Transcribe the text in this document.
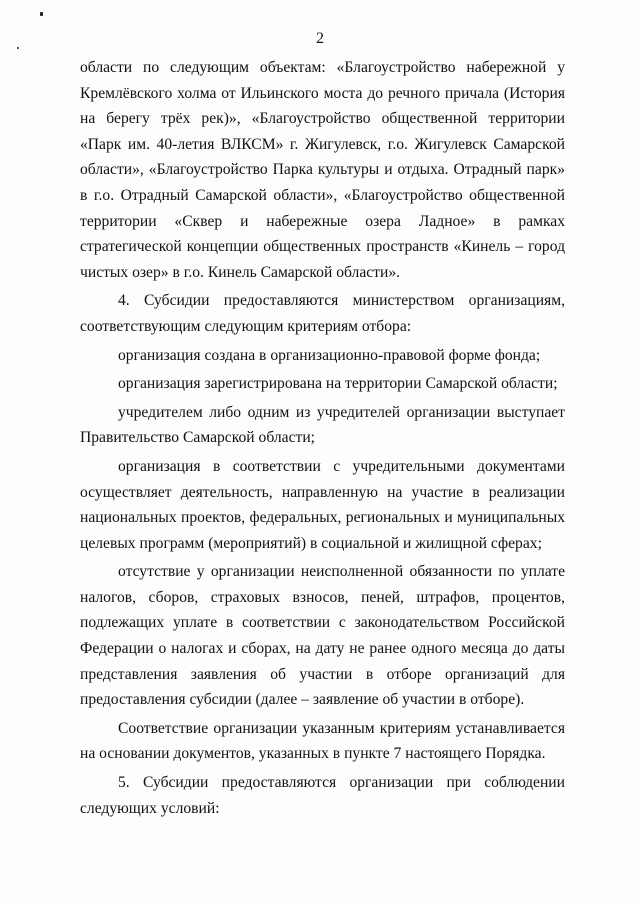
2

области по следующим объектам: «Благоустройство набережной у Кремлёвского холма от Ильинского моста до речного причала (История на берегу трёх рек)», «Благоустройство общественной территории «Парк им. 40-летия ВЛКСМ» г. Жигулевск, г.о. Жигулевск Самарской области», «Благоустройство Парка культуры и отдыха. Отрадный парк» в г.о. Отрадный Самарской области», «Благоустройство общественной территории «Сквер и набережные озера Ладное» в рамках стратегической концепции общественных пространств «Кинель – город чистых озер» в г.о. Кинель Самарской области».

4. Субсидии предоставляются министерством организациям, соответствующим следующим критериям отбора:

организация создана в организационно-правовой форме фонда;

организация зарегистрирована на территории Самарской области;

учредителем либо одним из учредителей организации выступает Правительство Самарской области;

организация в соответствии с учредительными документами осуществляет деятельность, направленную на участие в реализации национальных проектов, федеральных, региональных и муниципальных целевых программ (мероприятий) в социальной и жилищной сферах;

отсутствие у организации неисполненной обязанности по уплате налогов, сборов, страховых взносов, пеней, штрафов, процентов, подлежащих уплате в соответствии с законодательством Российской Федерации о налогах и сборах, на дату не ранее одного месяца до даты представления заявления об участии в отборе организаций для предоставления субсидии (далее – заявление об участии в отборе).

Соответствие организации указанным критериям устанавливается на основании документов, указанных в пункте 7 настоящего Порядка.

5. Субсидии предоставляются организации при соблюдении следующих условий:
